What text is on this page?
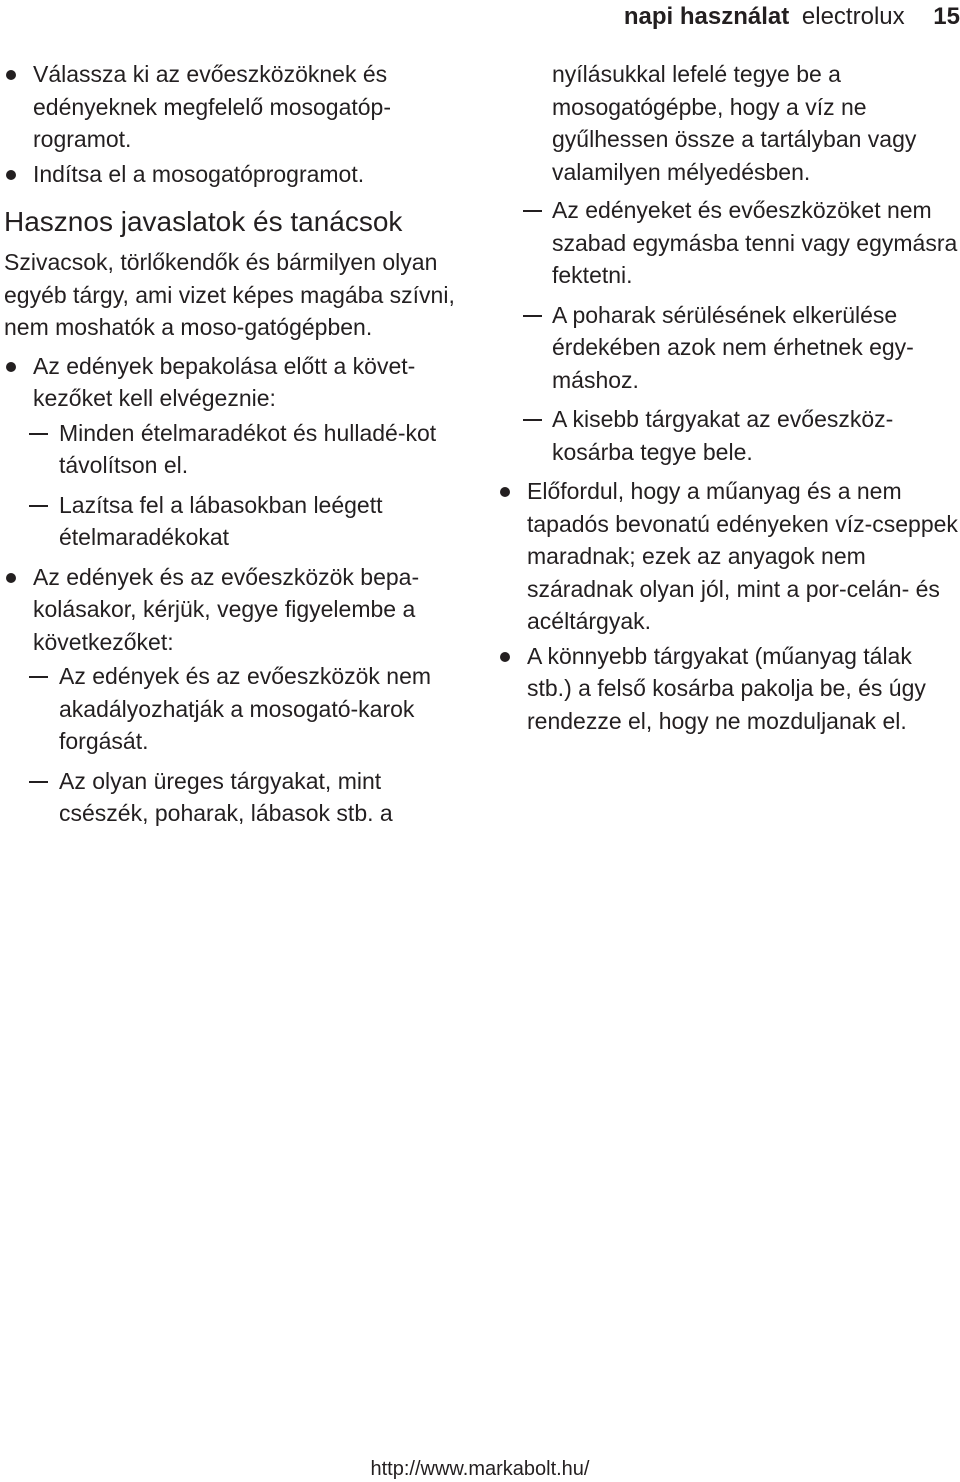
napi használat electrolux 15
Válassza ki az evőeszközöknek és edényeknek megfelelő mosogatóp-rogramot.
Indítsa el a mosogatóprogramot.
Hasznos javaslatok és tanácsok
Szivacsok, törlőkendők és bármilyen olyan egyéb tárgy, ami vizet képes magába szívni, nem moshatók a moso-gatógépben.
Az edények bepakolása előtt a követ-kezőket kell elvégeznie:
Minden ételmaradékot és hulladé-kot távolítson el.
Lazítsa fel a lábasokban leégett ételmaradékokat
Az edények és az evőeszközök bepa-kolásakor, kérjük, vegye figyelembe a következőket:
Az edények és az evőeszközök nem akadályozhatják a mosogató-karok forgását.
Az olyan üreges tárgyakat, mint csészék, poharak, lábasok stb. a
nyílásukkal lefelé tegye be a mosogatógépbe, hogy a víz ne gyűlhessen össze a tartályban vagy valamilyen mélyedésben.
Az edényeket és evőeszközöket nem szabad egymásba tenni vagy egymásra fektetni.
A poharak sérülésének elkerülése érdekében azok nem érhetnek egy-máshoz.
A kisebb tárgyakat az evőeszköz-kosárba tegye bele.
Előfordul, hogy a műanyag és a nem tapadós bevonatú edényeken víz-cseppek maradnak; ezek az anyagok nem száradnak olyan jól, mint a por-celán- és acéltárgyak.
A könnyebb tárgyakat (műanyag tálak stb.) a felső kosárba pakolja be, és úgy rendezze el, hogy ne mozduljanak el.
http://www.markabolt.hu/
